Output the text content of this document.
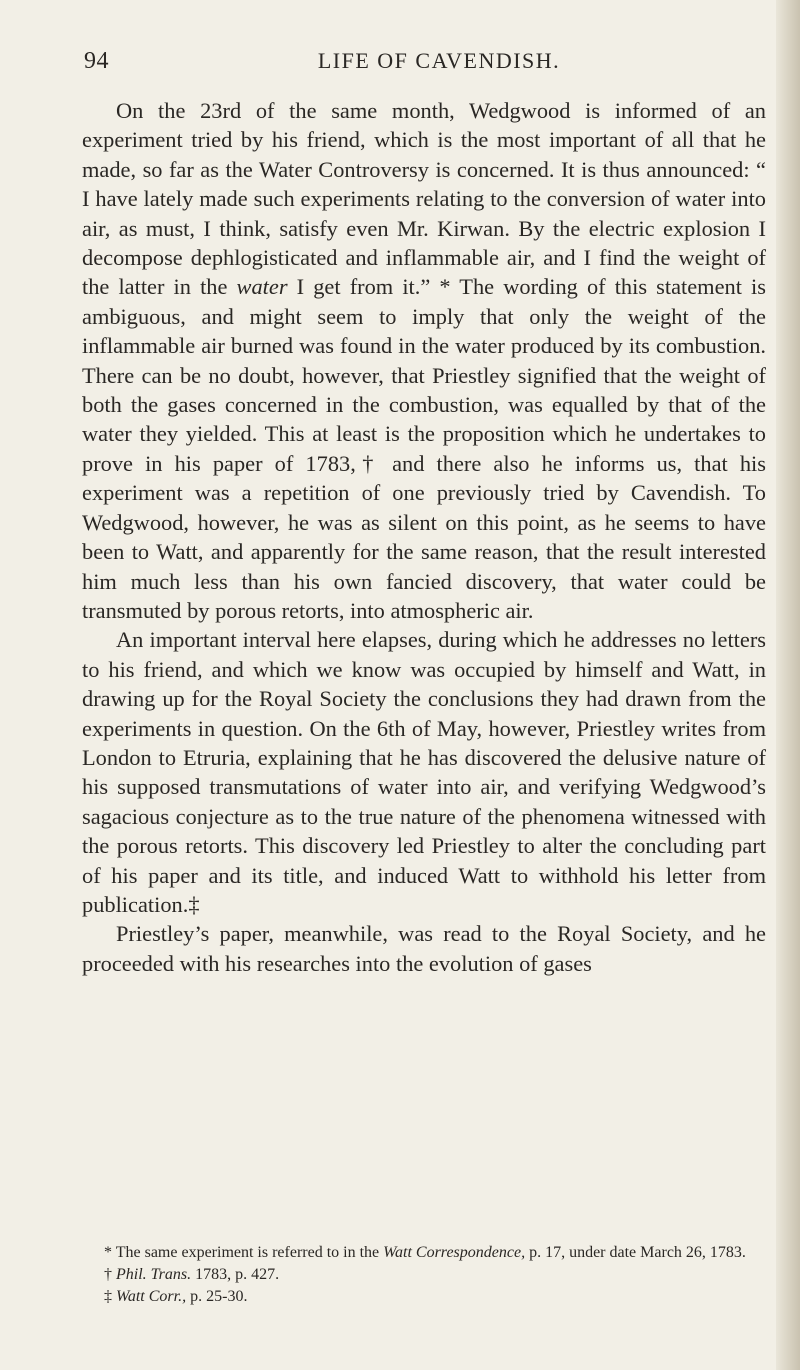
94	LIFE OF CAVENDISH.

On the 23rd of the same month, Wedgwood is informed of an experiment tried by his friend, which is the most important of all that he made, so far as the Water Controversy is concerned. It is thus announced: “ I have lately made such experiments relating to the conversion of water into air, as must, I think, satisfy even Mr. Kirwan. By the electric explosion I decompose dephlogisticated and inflammable air, and I find the weight of the latter in the water I get from it.” * The wording of this statement is ambiguous, and might seem to imply that only the weight of the inflammable air burned was found in the water produced by its combustion. There can be no doubt, however, that Priestley signified that the weight of both the gases concerned in the combustion, was equalled by that of the water they yielded. This at least is the proposition which he undertakes to prove in his paper of 1783,† and there also he informs us, that his experiment was a repetition of one previously tried by Cavendish. To Wedgwood, however, he was as silent on this point, as he seems to have been to Watt, and apparently for the same reason, that the result interested him much less than his own fancied discovery, that water could be transmuted by porous retorts, into atmospheric air.

An important interval here elapses, during which he addresses no letters to his friend, and which we know was occupied by himself and Watt, in drawing up for the Royal Society the conclusions they had drawn from the experiments in question. On the 6th of May, however, Priestley writes from London to Etruria, explaining that he has discovered the delusive nature of his supposed transmutations of water into air, and verifying Wedgwood’s sagacious conjecture as to the true nature of the phenomena witnessed with the porous retorts. This discovery led Priestley to alter the concluding part of his paper and its title, and induced Watt to withhold his letter from publication.‡

Priestley’s paper, meanwhile, was read to the Royal Society, and he proceeded with his researches into the evolution of gases

* The same experiment is referred to in the Watt Correspondence, p. 17, under date March 26, 1783.

† Phil. Trans. 1783, p. 427.

‡ Watt Corr., p. 25-30.
